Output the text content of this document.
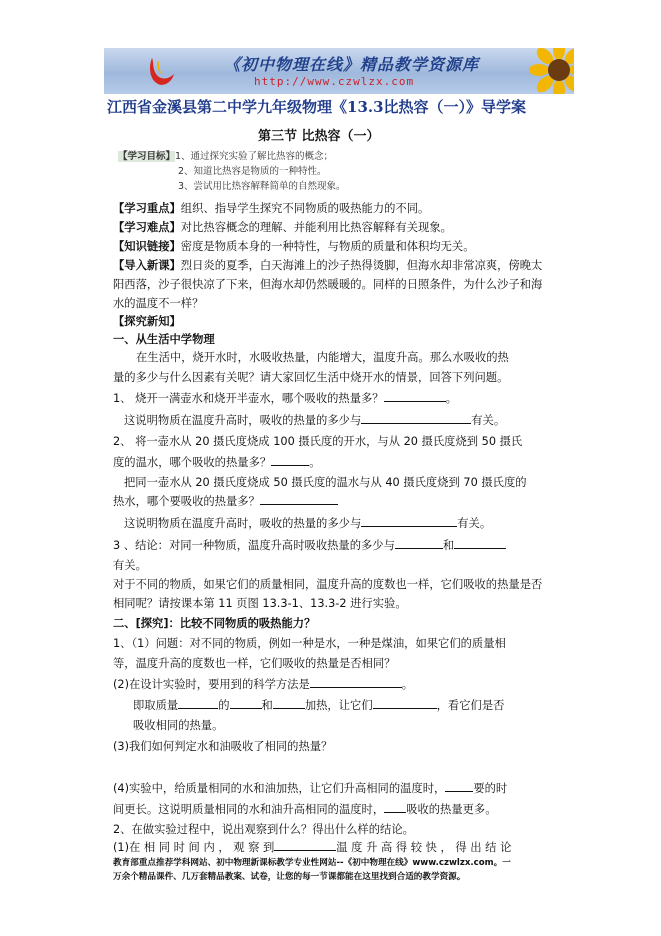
《初中物理在线》精品教学资源库
http://www.czwlzx.com
江西省金溪县第二中学九年级物理《13.3比热容（一）》导学案
第三节 比热容（一）
【学习目标】1、通过探究实验了解比热容的概念；
2、知道比热容是物质的一种特性。
3、尝试用比热容解释简单的自然现象。
【学习重点】组织、指导学生探究不同物质的吸热能力的不同。
【学习难点】对比热容概念的理解、并能利用比热容解释有关现象。
【知识链接】密度是物质本身的一种特性，与物质的质量和体积均无关。
【导入新课】烈日炎的夏季，白天海滩上的沙子热得烫脚，但海水却非常凉爽，傍晚太
阳西落，沙子很快凉了下来，但海水却仍然暖暖的。同样的日照条件，为什么沙子和海
水的温度不一样？
【探究新知】
一、从生活中学物理
在生活中，烧开水时，水吸收热量，内能增大，温度升高。那么水吸收的热
量的多少与什么因素有关呢？请大家回忆生活中烧开水的情景，回答下列问题。
1、 烧开一满壶水和烧开半壶水，哪个吸收的热量多？	。
这说明物质在温度升高时，吸收的热量的多少与	有关。
2、 将一壶水从 20 摄氏度烧成 100 摄氏度的开水，与从 20 摄氏度烧到 50 摄氏
度的温水，哪个吸收的热量多？	。
把同一壶水从 20 摄氏度烧成 50 摄氏度的温水与从 40 摄氏度烧到 70 摄氏度的
热水，哪个要吸收的热量多？
这说明物质在温度升高时，吸收的热量的多少与	有关。
3 、结论：对同一种物质，温度升高时吸收热量的多少与	和
有关。
对于不同的物质，如果它们的质量相同，温度升高的度数也一样，它们吸收的热量是否
相同呢？请按课本第 11 页图 13.3-1、13.3-2 进行实验。
二、[探究]：比较不同物质的吸热能力？
1、（1）问题：对不同的物质，例如一种是水，一种是煤油，如果它们的质量相
等，温度升高的度数也一样，它们吸收的热量是否相同？
(2)在设计实验时，要用到的科学方法是	。
即取质量	的	和	加热，让它们	，看它们是否
吸收相同的热量。
(3)我们如何判定水和油吸收了相同的热量？
(4)实验中，给质量相同的水和油加热，让它们升高相同的温度时， 要的时
间更长。这说明质量相同的水和油升高相同的温度时， 吸收的热量更多。
2、在做实验过程中，说出观察到什么？得出什么样的结论。
(1)在 相 同 时 间 内 ， 观 察 到	温 度 升 高 得 较 快 ， 得 出 结 论
教育部重点推荐学科网站、初中物理新课标教学专业性网站--《初中物理在线》www.czwlzx.com。一
万余个精品课件、几万套精品教案、试卷，让您的每一节课都能在这里找到合适的教学资源。
